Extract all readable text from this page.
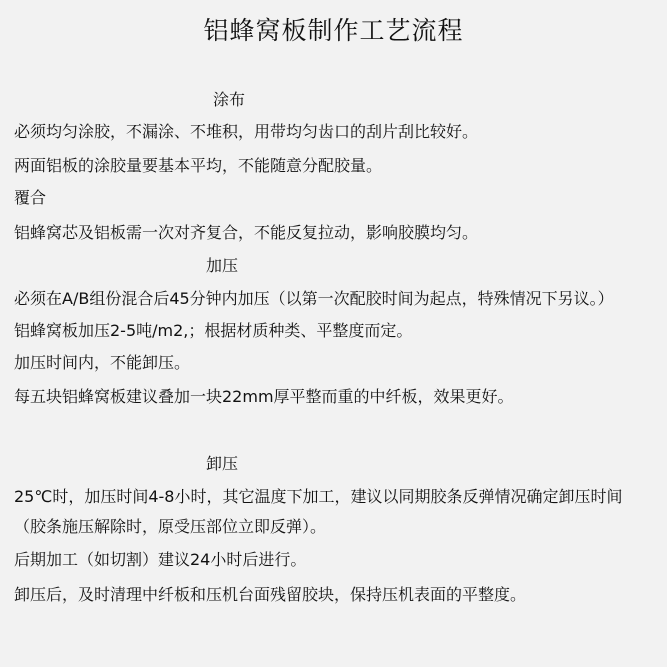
铝蜂窝板制作工艺流程
涂布
必须均匀涂胶，不漏涂、不堆积，用带均匀齿口的刮片刮比较好。
两面铝板的涂胶量要基本平均，不能随意分配胶量。
覆合
铝蜂窝芯及铝板需一次对齐复合，不能反复拉动，影响胶膜均匀。
加压
必须在A/B组份混合后45分钟内加压（以第一次配胶时间为起点，特殊情况下另议。）
铝蜂窝板加压2-5吨/m2,；根据材质种类、平整度而定。
加压时间内，不能卸压。
每五块铝蜂窝板建议叠加一块22mm厚平整而重的中纤板，效果更好。
卸压
25℃时，加压时间4-8小时，其它温度下加工，建议以同期胶条反弹情况确定卸压时间
（胶条施压解除时，原受压部位立即反弹）。
后期加工（如切割）建议24小时后进行。
卸压后，及时清理中纤板和压机台面残留胶块，保持压机表面的平整度。
